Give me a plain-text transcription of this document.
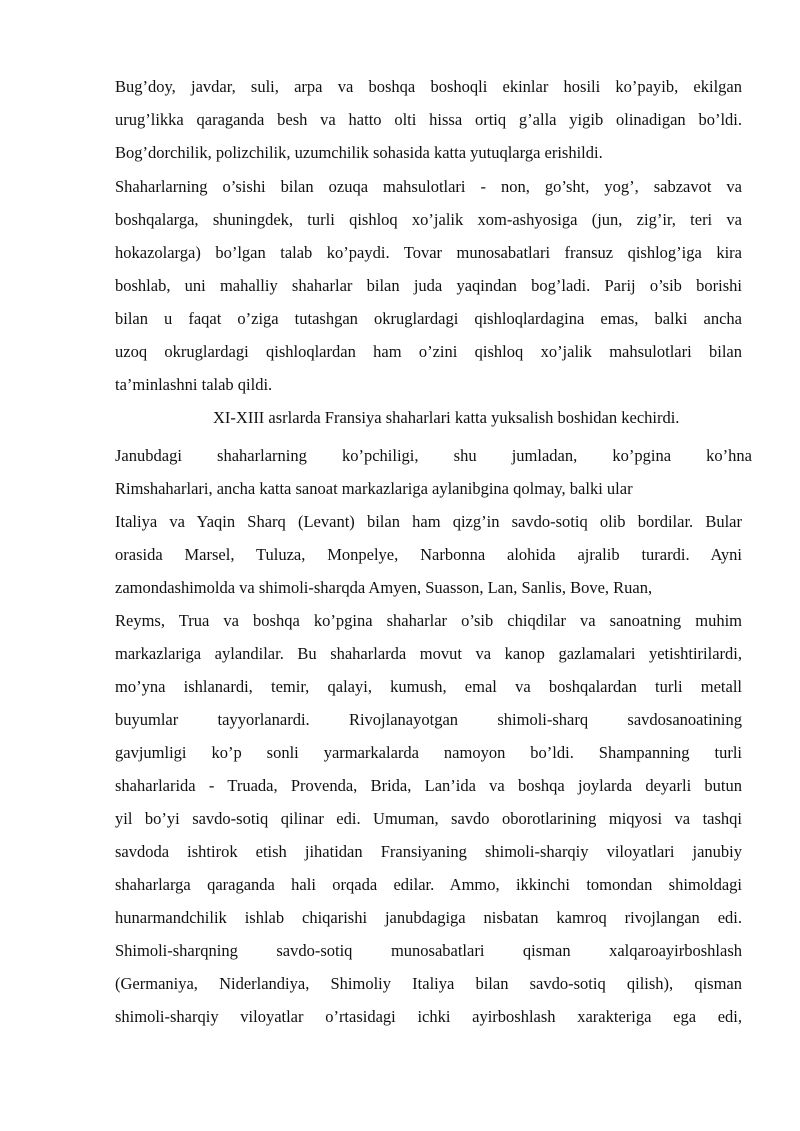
Bug’doy, javdar, suli, arpa va boshqa boshoqli ekinlar hosili ko’payib, ekilgan
urug’likka qaraganda besh va hatto olti hissa ortiq g’alla yigib olinadigan bo’ldi.
Bog’dorchilik, polizchilik, uzumchilik sohasida katta yutuqlarga erishildi.
Shaharlarning o’sishi bilan ozuqa mahsulotlari - non, go’sht, yog’, sabzavot va
boshqalarga, shuningdek, turli qishloq xo’jalik xom-ashyosiga (jun, zig’ir, teri va
hokazolarga) bo’lgan talab ko’paydi. Tovar munosabatlari fransuz qishlog’iga kira
boshlab, uni mahalliy shaharlar bilan juda yaqindan bog’ladi. Parij o’sib borishi
bilan u faqat o’ziga tutashgan okruglardagi qishloqlardagina emas, balki ancha
uzoq okruglardagi qishloqlardan ham o’zini qishloq xo’jalik mahsulotlari bilan
ta’minlashni talab qildi.
XI-XIII asrlarda Fransiya shaharlari katta yuksalish boshidan kechirdi.
Janubdagi shaharlarning ko’pchiligi, shu jumladan, ko’pgina ko’hna
Rimshaharlari, ancha katta sanoat markazlariga aylanibgina qolmay, balki ular
Italiya va Yaqin Sharq (Levant) bilan ham qizg’in savdo-sotiq olib bordilar. Bular
orasida Marsel, Tuluza, Monpelye, Narbonna alohida ajralib turardi. Ayni
zamondashimolda va shimoli-sharqda Amyen, Suasson, Lan, Sanlis, Bove, Ruan,
Reyms, Trua va boshqa ko’pgina shaharlar o’sib chiqdilar va sanoatning muhim
markazlariga aylandilar. Bu shaharlarda movut va kanop gazlamalari yetishtirilardi,
mo’yna ishlanardi, temir, qalayi, kumush, emal va boshqalardan turli metall
buyumlar tayyorlanardi. Rivojlanayotgan shimoli-sharq savdosanoatining
gavjumligi ko’p sonli yarmarkalarda namoyon bo’ldi. Shampanning turli
shaharlarida - Truada, Provenda, Brida, Lan’ida va boshqa joylarda deyarli butun
yil bo’yi savdo-sotiq qilinar edi. Umuman, savdo oborotlarining miqyosi va tashqi
savdoda ishtirok etish jihatidan Fransiyaning shimoli-sharqiy viloyatlari janubiy
shaharlarga qaraganda hali orqada edilar. Ammo, ikkinchi tomondan shimoldagi
hunarmandchilik ishlab chiqarishi janubdagiga nisbatan kamroq rivojlangan edi.
Shimoli-sharqning savdo-sotiq munosabatlari qisman xalqaroayirboshlash
(Germaniya, Niderlandiya, Shimoliy Italiya bilan savdo-sotiq qilish), qisman
shimoli-sharqiy viloyatlar o’rtasidagi ichki ayirboshlash xarakteriga ega edi,
